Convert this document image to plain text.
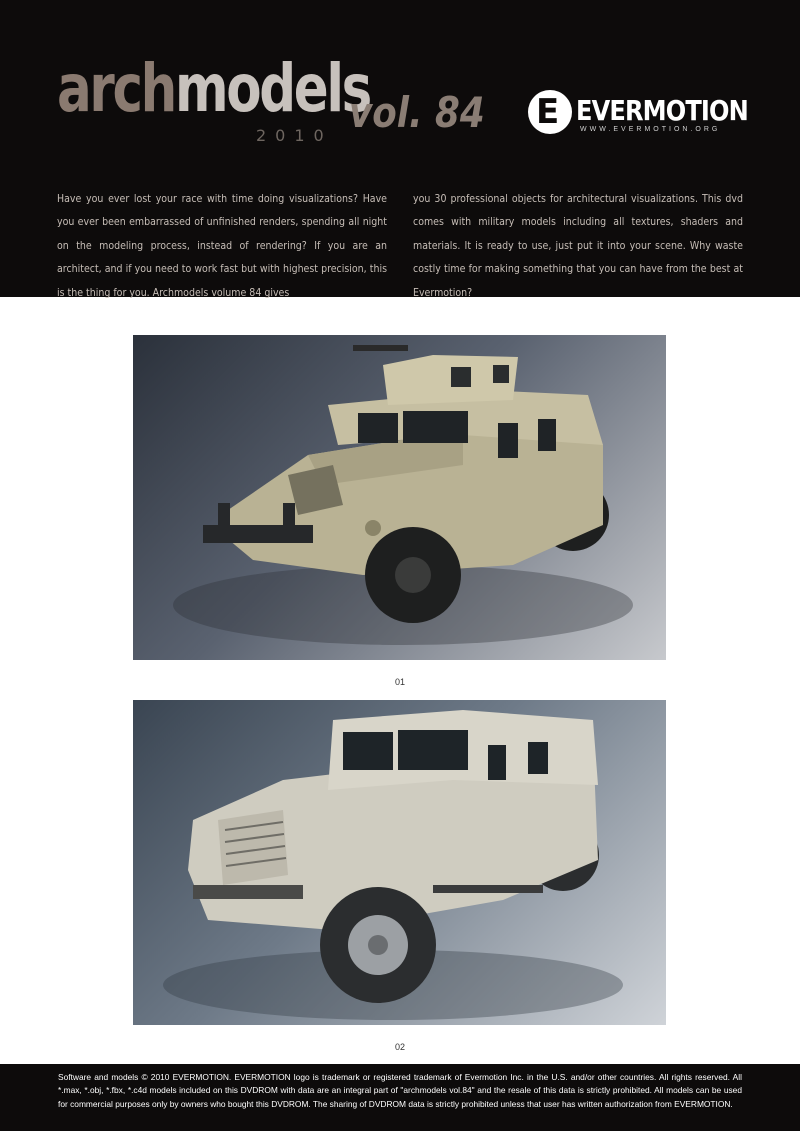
archmodels
2010 vol. 84 E EVERMOTION
WWW.EVERMOTION.ORG

Have you ever lost your race with time doing visualizations? Have you ever been embarrassed of unfinished renders, spending all night on the modeling process, instead of rendering? If you are an architect, and if you need to work fast but with highest precision, this is the thing for you. Archmodels volume 84 gives

you 30 professional objects for architectural visualizations. This dvd comes with military models including all textures, shaders and materials. It is ready to use, just put it into your scene. Why waste costly time for making something that you can have from the best at Evermotion?

01
02

Software and models © 2010 EVERMOTION. EVERMOTION logo is trademark or registered trademark of Evermotion Inc. in the U.S. and/or other countries. All rights reserved. All *.max, *.obj, *.fbx, *.c4d models included on this DVDROM with data are an integral part of "archmodels vol.84" and the resale of this data is strictly prohibited. All models can be used for commercial purposes only by owners who bought this DVDROM. The sharing of DVDROM data is strictly prohibited unless that user has written authorization from EVERMOTION.
